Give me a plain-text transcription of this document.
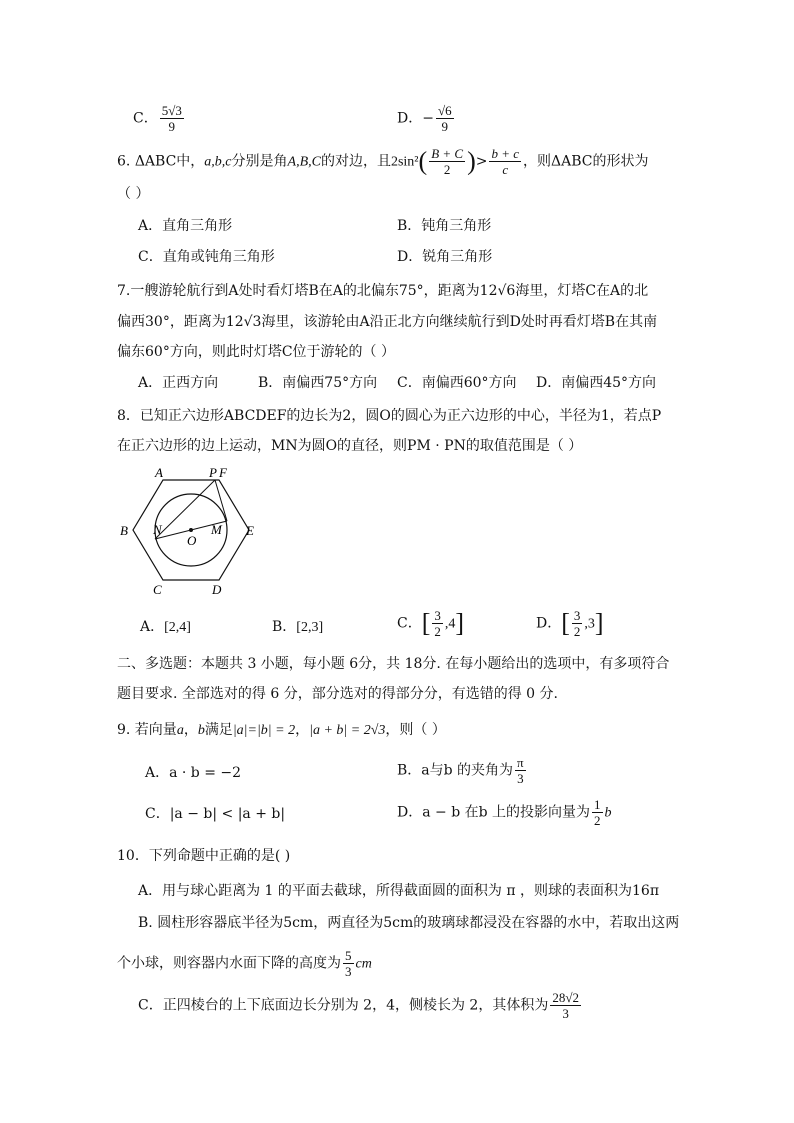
C． $\frac{5√3}{9}$	D．− $\frac{√6}{9}$
6. ΔABC中，a,b,c分别是角A,B,C的对边，且$2\sin^2( \frac{B + C}{2}$ )> $\frac{b + c}{c}$ ，则ΔABC的形状为
（ ）
A．直角三角形	B．钝角三角形
C．直角或钝角三角形	D．锐角三角形
7.一艘游轮航行到A处时看灯塔B在A的北偏东75°，距离为12√6海里，灯塔C在A的北
偏西30°，距离为12√3海里，该游轮由A沿正北方向继续航行到D处时再看灯塔B在其南
偏东60°方向，则此时灯塔C位于游轮的（ ）
A．正西方向	B．南偏西75°方向 C．南偏西60°方向 D．南偏西45°方向
8．已知正六边形ABCDEF的边长为2，圆O的圆心为正六边形的中心，半径为1，若点P
在正六边形的边上运动，MN为圆O的直径，则PM · PN的取值范围是（ ）
A	P F
B N
O
M E
C	D
A．[2,4]	B．[2,3]	C．[ $\frac{3}{2} ,4$]	D．[ $\frac{3}{2} ,3$]
二、多选题：本题共 3 小题，每小题 6分，共 18分. 在每小题给出的选项中，有多项符合
题目要求. 全部选对的得 6 分，部分选对的得部分分，有选错的得 0 分.
9. 若向量a，b满足|a|=|b| = 2，|a + b| = 2√3，则（ ）
A．a · b = −2	B．a与b 的夹角为 $\frac{\pi}{3}$
C．|a − b| < |a + b|	D．a − b 在b 上的投影向量为 $\frac{1}{2}$ b
10．下列命题中正确的是( )
A．用与球心距离为 1 的平面去截球，所得截面圆的面积为 π ，则球的表面积为16π
B. 圆柱形容器底半径为5cm，两直径为5cm的玻璃球都浸没在容器的水中，若取出这两
个小球，则容器内水面下降的高度为 $\frac{5}{3}$ cm
C．正四棱台的上下底面边长分别为 2，4，侧棱长为 2，其体积为 $\frac{28√2}{3}$
